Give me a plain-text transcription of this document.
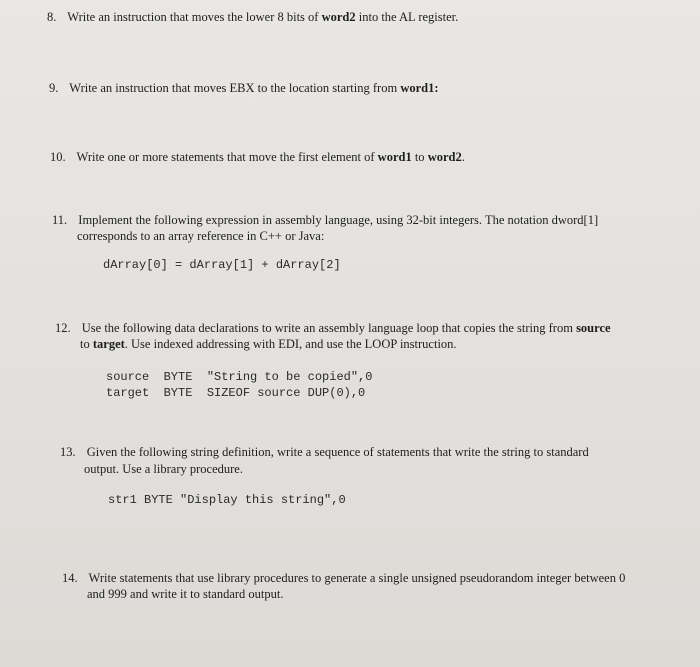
8. Write an instruction that moves the lower 8 bits of word2 into the AL register.
9. Write an instruction that moves EBX to the location starting from word1:
10. Write one or more statements that move the first element of word1 to word2.
11. Implement the following expression in assembly language, using 32-bit integers. The notation dword[1]
corresponds to an array reference in C++ or Java:
dArray[0] = dArray[1] + dArray[2]
12. Use the following data declarations to write an assembly language loop that copies the string from source
to target. Use indexed addressing with EDI, and use the LOOP instruction.
source  BYTE  "String to be copied",0
target  BYTE  SIZEOF source DUP(0),0
13. Given the following string definition, write a sequence of statements that write the string to standard
output. Use a library procedure.
str1 BYTE "Display this string",0
14. Write statements that use library procedures to generate a single unsigned pseudorandom integer between 0
and 999 and write it to standard output.
